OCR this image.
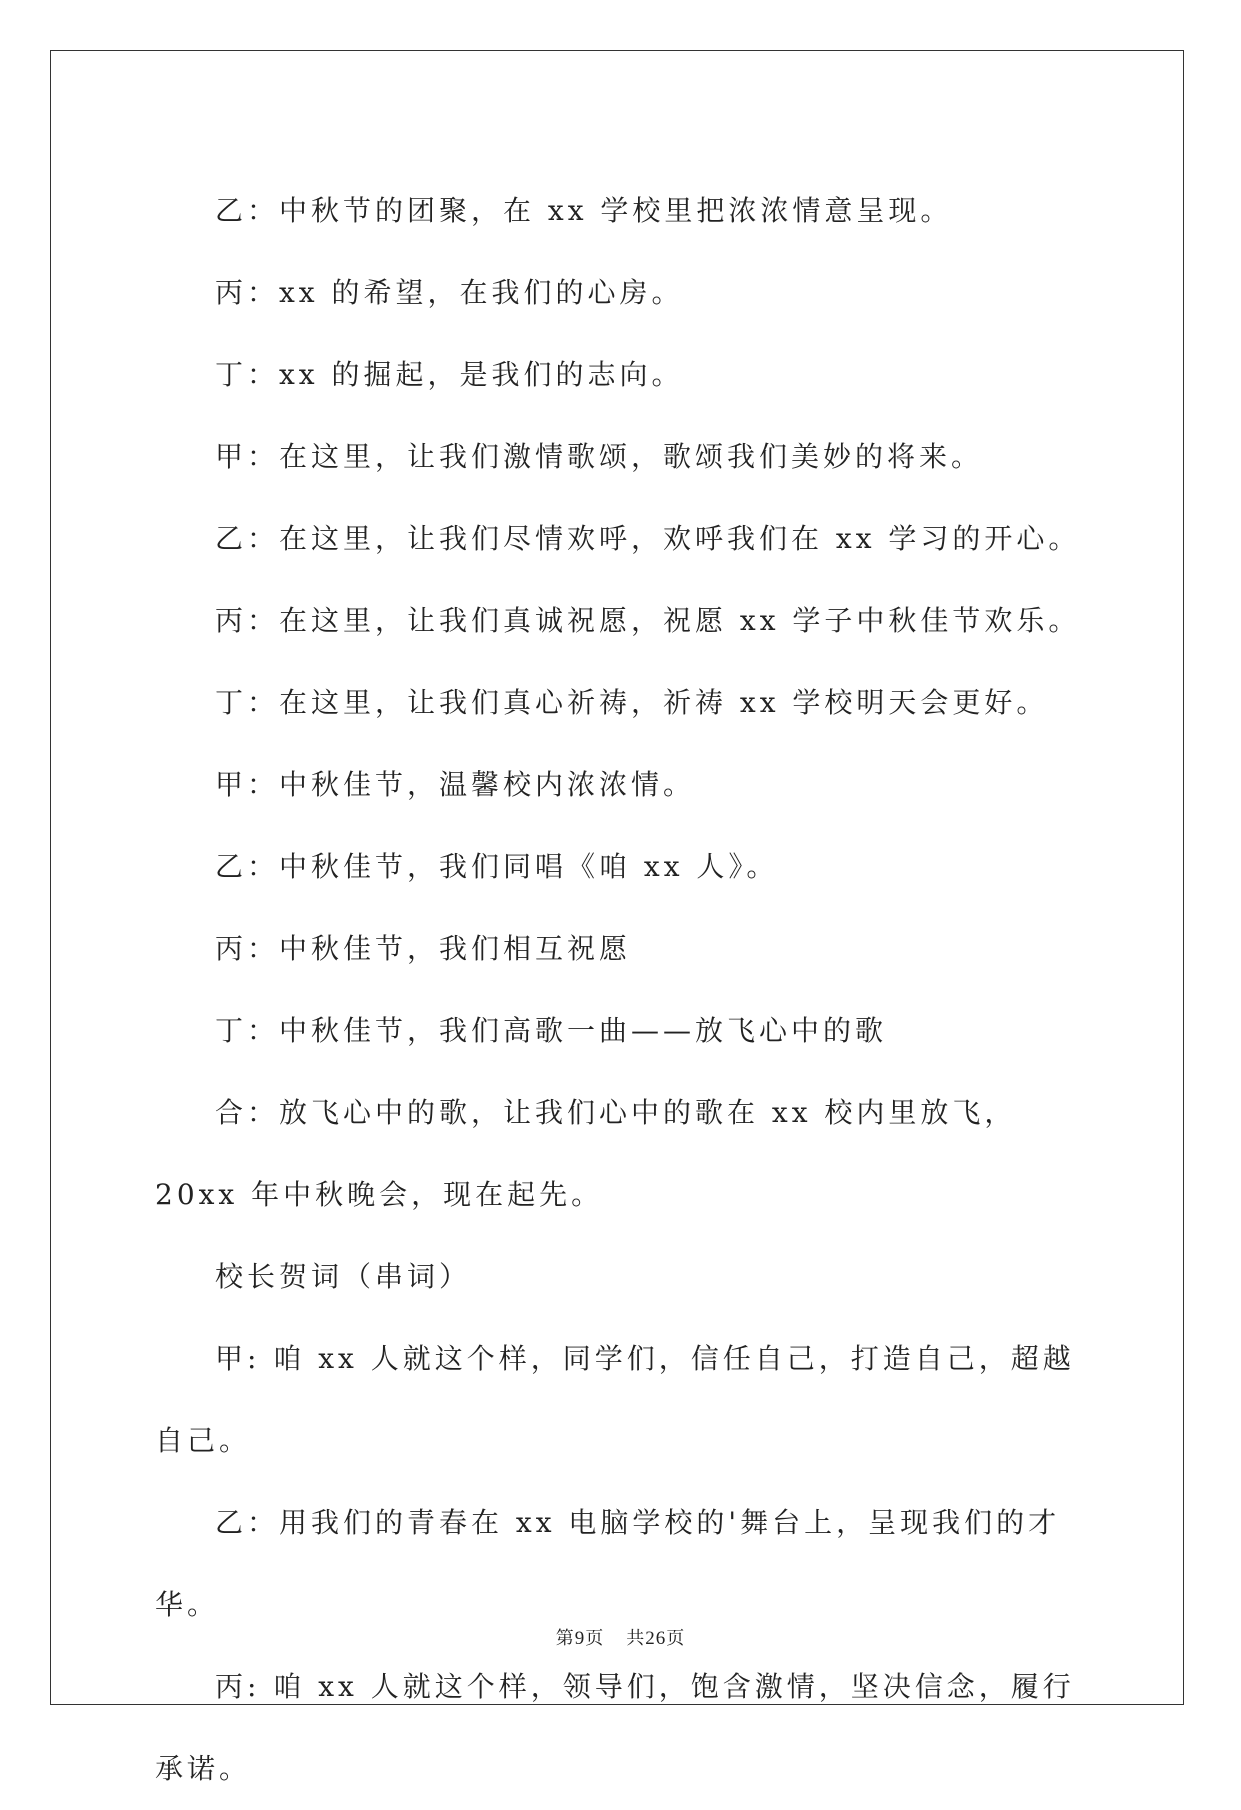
乙：中秋节的团聚，在 xx 学校里把浓浓情意呈现。

丙：xx 的希望，在我们的心房。

丁：xx 的掘起，是我们的志向。

甲：在这里，让我们激情歌颂，歌颂我们美妙的将来。

乙：在这里，让我们尽情欢呼，欢呼我们在 xx 学习的开心。

丙：在这里，让我们真诚祝愿，祝愿 xx 学子中秋佳节欢乐。

丁：在这里，让我们真心祈祷，祈祷 xx 学校明天会更好。

甲：中秋佳节，温馨校内浓浓情。

乙：中秋佳节，我们同唱《咱 xx 人》。

丙：中秋佳节，我们相互祝愿

丁：中秋佳节，我们高歌一曲——放飞心中的歌

合：放飞心中的歌，让我们心中的歌在 xx 校内里放飞，20xx 年中秋晚会，现在起先。

校长贺词（串词）

甲: 咱 xx 人就这个样，同学们，信任自己，打造自己，超越自己。

乙：用我们的青春在 xx 电脑学校的'舞台上，呈现我们的才华。

丙: 咱 xx 人就这个样，领导们，饱含激情，坚决信念，履行承诺。

第9页 共26页
